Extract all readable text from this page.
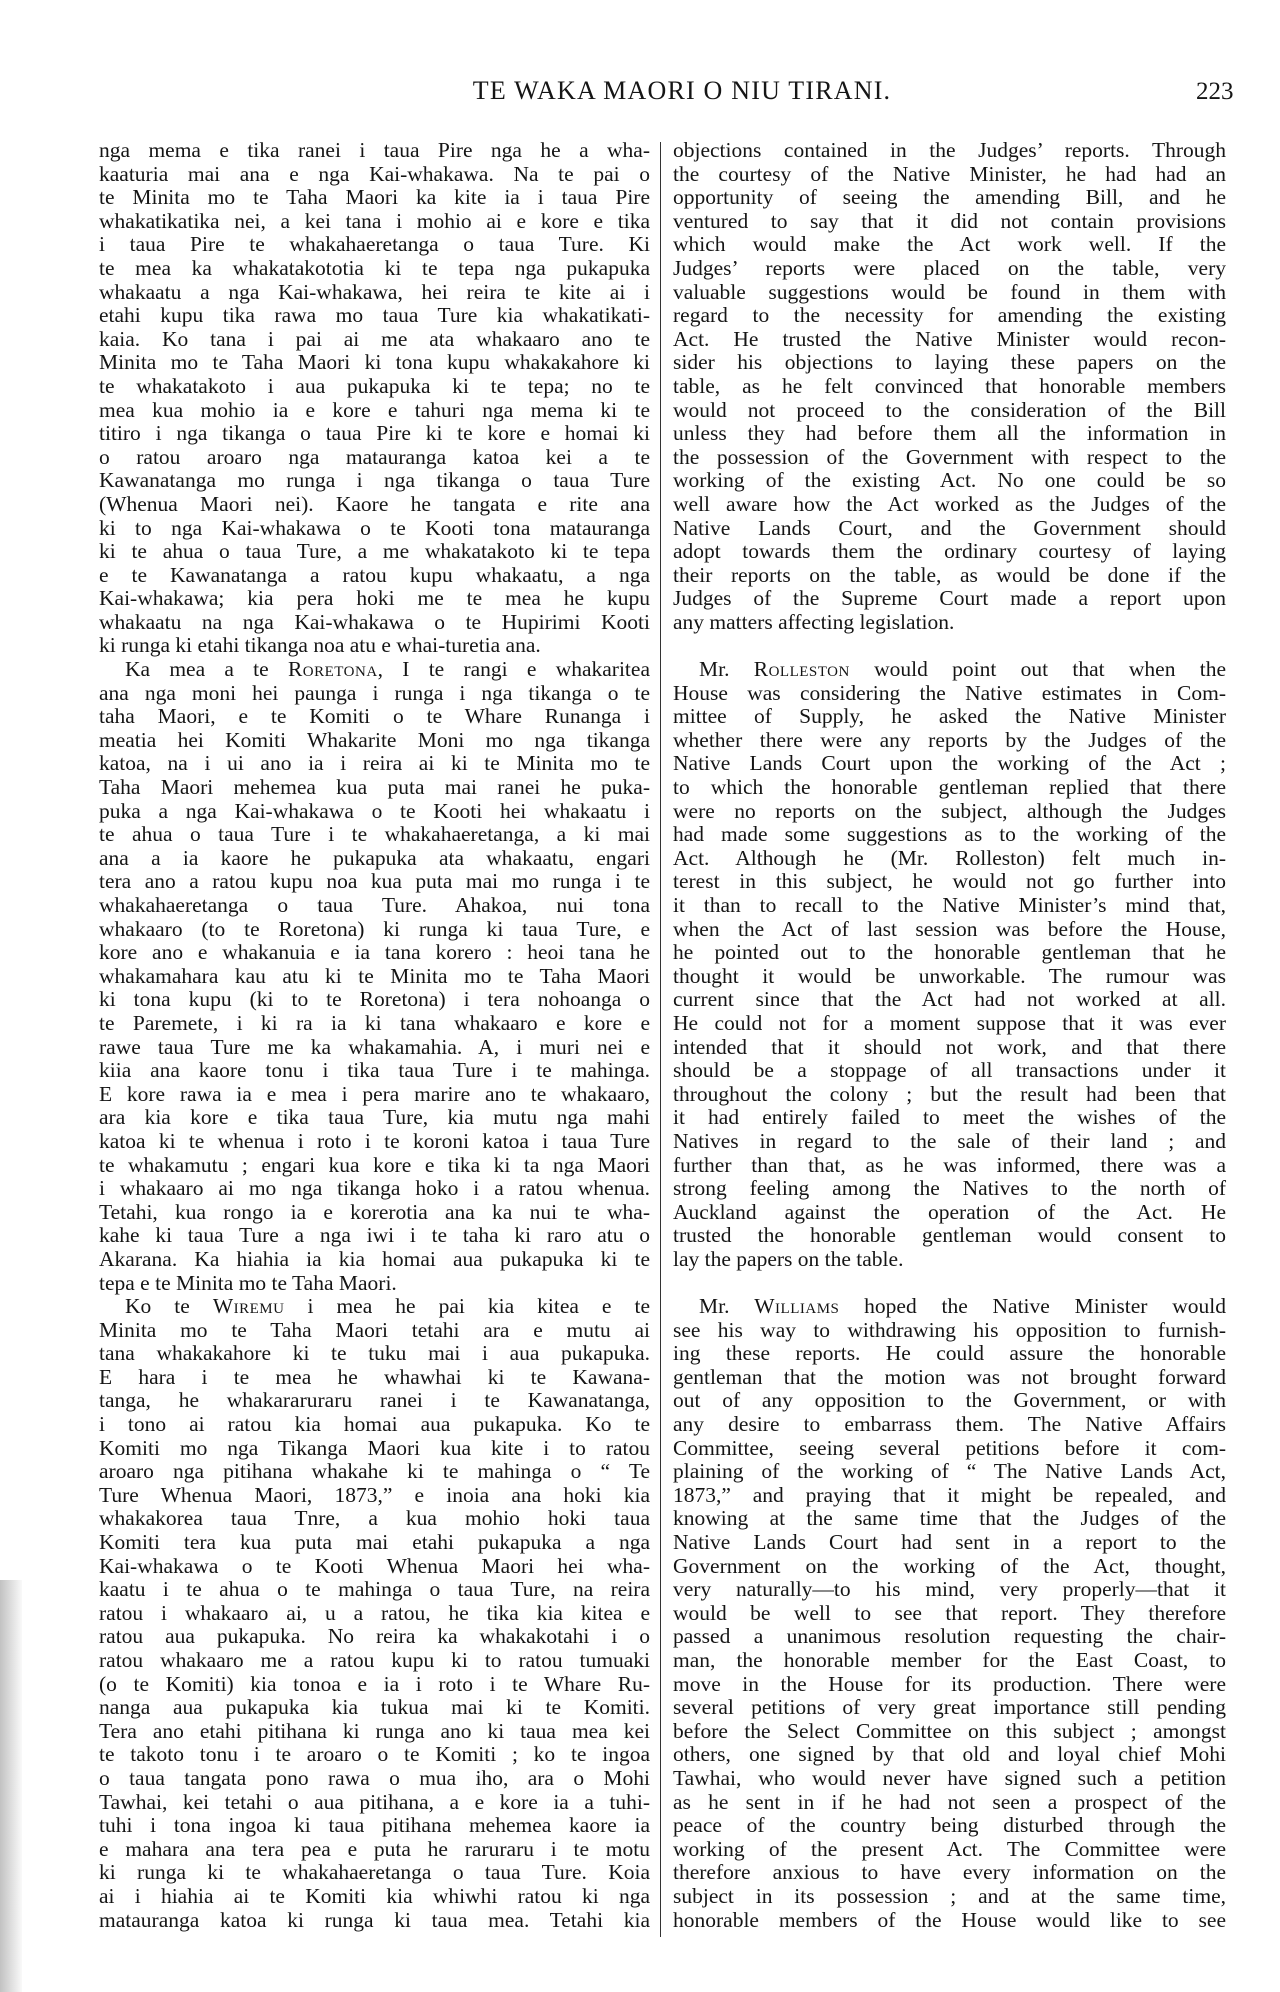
TE WAKA MAORI O NIU TIRANI.	223
nga mema e tika ranei i taua Pire nga he a wha-
kaaturia mai ana e nga Kai-whakawa. Na te pai o
te Minita mo te Taha Maori ka kite ia i taua Pire
whakatikatika nei, a kei tana i mohio ai e kore e tika
i taua Pire te whakahaeretanga o taua Ture. Ki
te mea ka whakatakototia ki te tepa nga pukapuka
whakaatu a nga Kai-whakawa, hei reira te kite ai i
etahi kupu tika rawa mo taua Ture kia whakatikati-
kaia. Ko tana i pai ai me ata whakaaro ano te
Minita mo te Taha Maori ki tona kupu whakakahore ki
te whakatakoto i aua pukapuka ki te tepa; no te
mea kua mohio ia e kore e tahuri nga mema ki te
titiro i nga tikanga o taua Pire ki te kore e homai ki
o ratou aroaro nga matauranga katoa kei a te
Kawanatanga mo runga i nga tikanga o taua Ture
(Whenua Maori nei). Kaore he tangata e rite ana
ki to nga Kai-whakawa o te Kooti tona matauranga
ki te ahua o taua Ture, a me whakatakoto ki te tepa
e te Kawanatanga a ratou kupu whakaatu, a nga
Kai-whakawa; kia pera hoki me te mea he kupu
whakaatu na nga Kai-whakawa o te Hupirimi Kooti
ki runga ki etahi tikanga noa atu e whai-turetia ana.
Ka mea a te Roretona, I te rangi e whakaritea
ana nga moni hei paunga i runga i nga tikanga o te
taha Maori, e te Komiti o te Whare Runanga i
meatia hei Komiti Whakarite Moni mo nga tikanga
katoa, na i ui ano ia i reira ai ki te Minita mo te
Taha Maori mehemea kua puta mai ranei he puka-
puka a nga Kai-whakawa o te Kooti hei whakaatu i
te ahua o taua Ture i te whakahaeretanga, a ki mai
ana a ia kaore he pukapuka ata whakaatu, engari
tera ano a ratou kupu noa kua puta mai mo runga i te
whakahaeretanga o taua Ture. Ahakoa, nui tona
whakaaro (to te Roretona) ki runga ki taua Ture, e
kore ano e whakanuia e ia tana korero : heoi tana he
whakamahara kau atu ki te Minita mo te Taha Maori
ki tona kupu (ki to te Roretona) i tera nohoanga o
te Paremete, i ki ra ia ki tana whakaaro e kore e
rawe taua Ture me ka whakamahia. A, i muri nei e
kiia ana kaore tonu i tika taua Ture i te mahinga.
E kore rawa ia e mea i pera marire ano te whakaaro,
ara kia kore e tika taua Ture, kia mutu nga mahi
katoa ki te whenua i roto i te koroni katoa i taua Ture
te whakamutu ; engari kua kore e tika ki ta nga Maori
i whakaaro ai mo nga tikanga hoko i a ratou whenua.
Tetahi, kua rongo ia e korerotia ana ka nui te wha-
kahe ki taua Ture a nga iwi i te taha ki raro atu o
Akarana. Ka hiahia ia kia homai aua pukapuka ki te
tepa e te Minita mo te Taha Maori.
Ko te Wiremu i mea he pai kia kitea e te
Minita mo te Taha Maori tetahi ara e mutu ai
tana whakakahore ki te tuku mai i aua pukapuka.
E hara i te mea he whawhai ki te Kawana-
tanga, he whakararuraru ranei i te Kawanatanga,
i tono ai ratou kia homai aua pukapuka. Ko te
Komiti mo nga Tikanga Maori kua kite i to ratou
aroaro nga pitihana whakahe ki te mahinga o “ Te
Ture Whenua Maori, 1873,” e inoia ana hoki kia
whakakorea taua Tnre, a kua mohio hoki taua
Komiti tera kua puta mai etahi pukapuka a nga
Kai-whakawa o te Kooti Whenua Maori hei wha-
kaatu i te ahua o te mahinga o taua Ture, na reira
ratou i whakaaro ai, u a ratou, he tika kia kitea e
ratou aua pukapuka. No reira ka whakakotahi i o
ratou whakaaro me a ratou kupu ki to ratou tumuaki
(o te Komiti) kia tonoa e ia i roto i te Whare Ru-
nanga aua pukapuka kia tukua mai ki te Komiti.
Tera ano etahi pitihana ki runga ano ki taua mea kei
te takoto tonu i te aroaro o te Komiti ; ko te ingoa
o taua tangata pono rawa o mua iho, ara o Mohi
Tawhai, kei tetahi o aua pitihana, a e kore ia a tuhi-
tuhi i tona ingoa ki taua pitihana mehemea kaore ia
e mahara ana tera pea e puta he raruraru i te motu
ki runga ki te whakahaeretanga o taua Ture. Koia
ai i hiahia ai te Komiti kia whiwhi ratou ki nga
matauranga katoa ki runga ki taua mea. Tetahi kia
objections contained in the Judges’ reports. Through
the courtesy of the Native Minister, he had had an
opportunity of seeing the amending Bill, and he
ventured to say that it did not contain provisions
which would make the Act work well. If the
Judges’ reports were placed on the table, very
valuable suggestions would be found in them with
regard to the necessity for amending the existing
Act. He trusted the Native Minister would recon-
sider his objections to laying these papers on the
table, as he felt convinced that honorable members
would not proceed to the consideration of the Bill
unless they had before them all the information in
the possession of the Government with respect to the
working of the existing Act. No one could be so
well aware how the Act worked as the Judges of the
Native Lands Court, and the Government should
adopt towards them the ordinary courtesy of laying
their reports on the table, as would be done if the
Judges of the Supreme Court made a report upon
any matters affecting legislation.
Mr. Rolleston would point out that when the
House was considering the Native estimates in Com-
mittee of Supply, he asked the Native Minister
whether there were any reports by the Judges of the
Native Lands Court upon the working of the Act ;
to which the honorable gentleman replied that there
were no reports on the subject, although the Judges
had made some suggestions as to the working of the
Act. Although he (Mr. Rolleston) felt much in-
terest in this subject, he would not go further into
it than to recall to the Native Minister’s mind that,
when the Act of last session was before the House,
he pointed out to the honorable gentleman that he
thought it would be unworkable. The rumour was
current since that the Act had not worked at all.
He could not for a moment suppose that it was ever
intended that it should not work, and that there
should be a stoppage of all transactions under it
throughout the colony ; but the result had been that
it had entirely failed to meet the wishes of the
Natives in regard to the sale of their land ; and
further than that, as he was informed, there was a
strong feeling among the Natives to the north of
Auckland against the operation of the Act. He
trusted the honorable gentleman would consent to
lay the papers on the table.
Mr. Williams hoped the Native Minister would
see his way to withdrawing his opposition to furnish-
ing these reports. He could assure the honorable
gentleman that the motion was not brought forward
out of any opposition to the Government, or with
any desire to embarrass them. The Native Affairs
Committee, seeing several petitions before it com-
plaining of the working of “ The Native Lands Act,
1873,” and praying that it might be repealed, and
knowing at the same time that the Judges of the
Native Lands Court had sent in a report to the
Government on the working of the Act, thought,
very naturally—to his mind, very properly—that it
would be well to see that report. They therefore
passed a unanimous resolution requesting the chair-
man, the honorable member for the East Coast, to
move in the House for its production. There were
several petitions of very great importance still pending
before the Select Committee on this subject ; amongst
others, one signed by that old and loyal chief Mohi
Tawhai, who would never have signed such a petition
as he sent in if he had not seen a prospect of the
peace of the country being disturbed through the
working of the present Act. The Committee were
therefore anxious to have every information on the
subject in its possession ; and at the same time,
honorable members of the House would like to see
